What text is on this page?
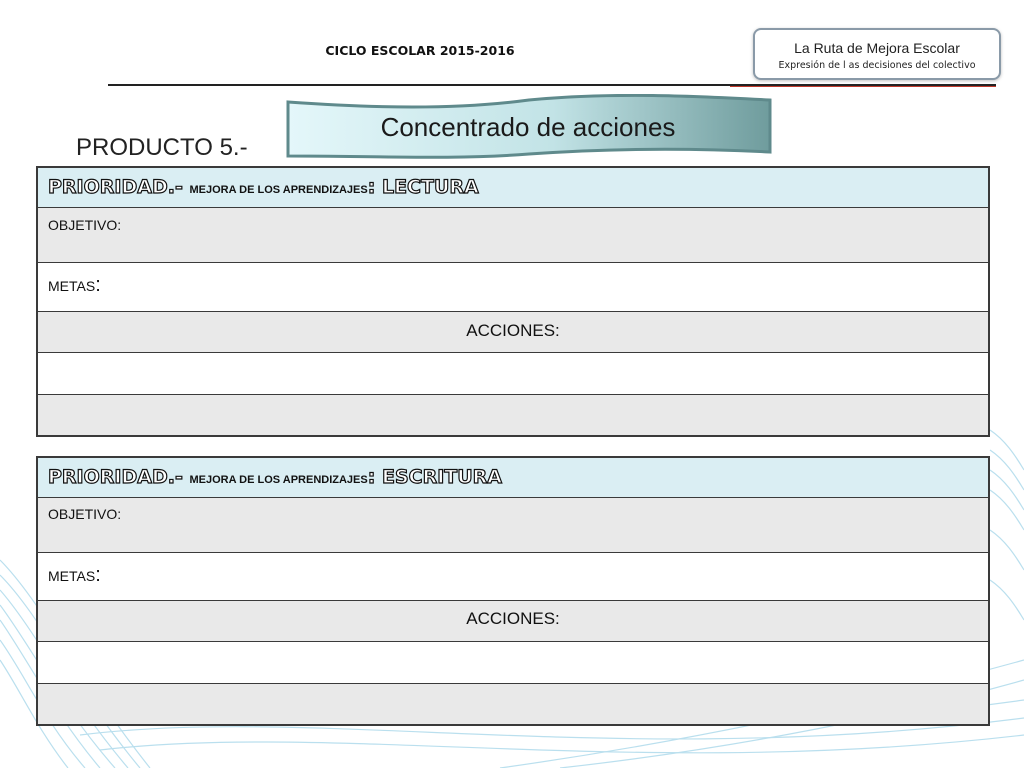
CICLO ESCOLAR 2015-2016	La Ruta de Mejora Escolar
Expresión de l as decisiones del colectivo
Concentrado de acciones
PRODUCTO 5.-
PRIORIDAD.- MEJORA DE LOS APRENDIZAJES: LECTURA
OBJETIVO:
METAS:
ACCIONES:
PRIORIDAD.- MEJORA DE LOS APRENDIZAJES: ESCRITURA
OBJETIVO:
METAS:
ACCIONES:
